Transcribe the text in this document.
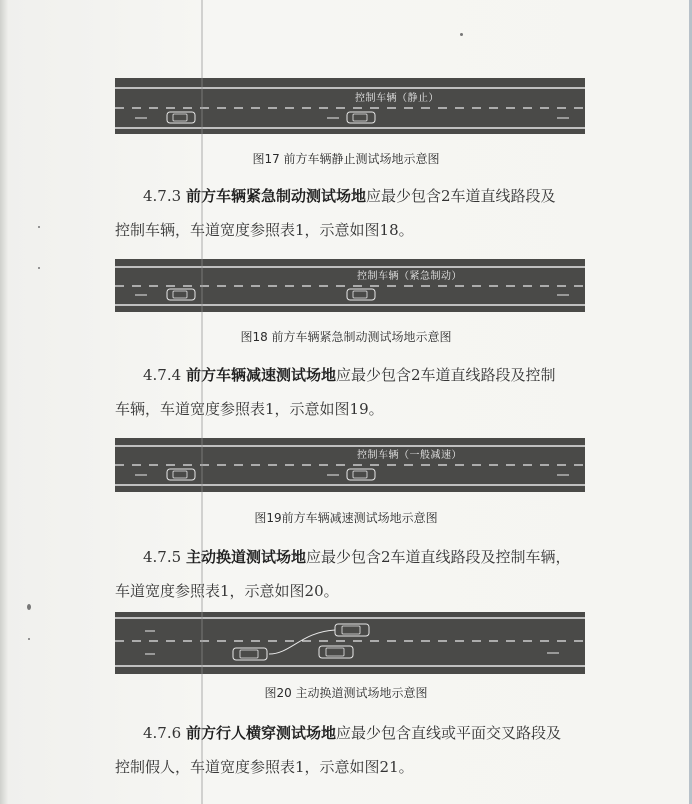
控制车辆（静止）
图17 前方车辆静止测试场地示意图
4.7.3 前方车辆紧急制动测试场地应最少包含2车道直线路段及
控制车辆，车道宽度参照表1，示意如图18。
控制车辆（紧急制动）
图18 前方车辆紧急制动测试场地示意图
4.7.4 前方车辆减速测试场地应最少包含2车道直线路段及控制
车辆，车道宽度参照表1，示意如图19。
控制车辆（一般减速）
图19前方车辆减速测试场地示意图
4.7.5 主动换道测试场地应最少包含2车道直线路段及控制车辆，
车道宽度参照表1，示意如图20。
图20 主动换道测试场地示意图
4.7.6 前方行人横穿测试场地应最少包含直线或平面交叉路段及
控制假人，车道宽度参照表1，示意如图21。
